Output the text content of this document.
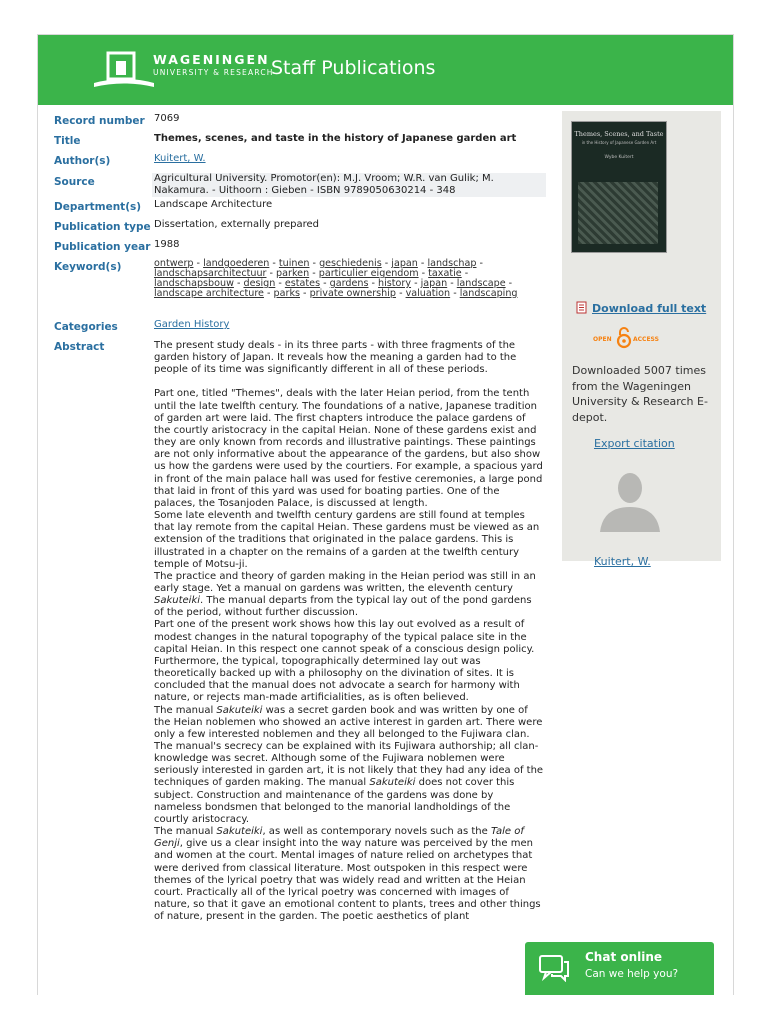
WAGENINGEN
UNIVERSITY & RESEARCH
Staff Publications
Record number 7069
Title	Themes, scenes, and taste in the history of Japanese garden art
Author(s)	Kuitert, W.
Source	Agricultural University. Promotor(en): M.J. Vroom; W.R. van Gulik; M. Nakamura. - Uithoorn : Gieben - ISBN 9789050630214 - 348
Department(s) Landscape Architecture
Publication type Dissertation, externally prepared
Publication year 1988
Keyword(s)	ontwerp - landgoederen - tuinen - geschiedenis - japan - landschap - landschapsarchitectuur - parken - particulier eigendom - taxatie - landschapsbouw - design - estates - gardens - history - japan - landscape - landscape architecture - parks - private ownership - valuation - landscaping
Categories	Garden History
Abstract	The present study deals - in its three parts - with three fragments of the garden history of Japan. It reveals how the meaning a garden had to the people of its time was significantly different in all of these periods.

Part one, titled "Themes", deals with the later Heian period, from the tenth until the late twelfth century. The foundations of a native, Japanese tradition of garden art were laid. The first chapters introduce the palace gardens of the courtly aristocracy in the capital Heian. None of these gardens exist and they are only known from records and illustrative paintings. These paintings are not only informative about the appearance of the gardens, but also show us how the gardens were used by the courtiers. For example, a spacious yard in front of the main palace hall was used for festive ceremonies, a large pond that laid in front of this yard was used for boating parties. One of the palaces, the Tosanjoden Palace, is discussed at length.

Some late eleventh and twelfth century gardens are still found at temples that lay remote from the capital Heian. These gardens must be viewed as an extension of the traditions that originated in the palace gardens. This is illustrated in a chapter on the remains of a garden at the twelfth century temple of Motsu-ji.

The practice and theory of garden making in the Heian period was still in an early stage. Yet a manual on gardens was written, the eleventh century Sakuteiki. The manual departs from the typical lay out of the pond gardens of the period, without further discussion.

Part one of the present work shows how this lay out evolved as a result of modest changes in the natural topography of the typical palace site in the capital Heian. In this respect one cannot speak of a conscious design policy. Furthermore, the typical, topographically determined lay out was theoretically backed up with a philosophy on the divination of sites. It is concluded that the manual does not advocate a search for harmony with nature, or rejects man-made artificialities, as is often believed.

The manual Sakuteiki was a secret garden book and was written by one of the Heian noblemen who showed an active interest in garden art. There were only a few interested noblemen and they all belonged to the Fujiwara clan. The manual's secrecy can be explained with its Fujiwara authorship; all clan-knowledge was secret. Although some of the Fujiwara noblemen were seriously interested in garden art, it is not likely that they had any idea of the techniques of garden making. The manual Sakuteiki does not cover this subject. Construction and maintenance of the gardens was done by nameless bondsmen that belonged to the manorial landholdings of the courtly aristocracy.

The manual Sakuteiki, as well as contemporary novels such as the Tale of Genji, give us a clear insight into the way nature was perceived by the men and women at the court. Mental images of nature relied on archetypes that were derived from classical literature. Most outspoken in this respect were themes of the lyrical poetry that was widely read and written at the Heian court. Practically all of the lyrical poetry was concerned with images of nature, so that it gave an emotional content to plants, trees and other things of nature, present in the garden. The poetic aesthetics of plant

Themes, Scenes, and Taste
in the History of Japanese Garden Art
Wybe Kuitert
Download full text
OPEN	ACCESS
Downloaded 5007 times from the Wageningen University & Research E-depot.
Export citation
Kuitert, W.
Chat online
Can we help you?
